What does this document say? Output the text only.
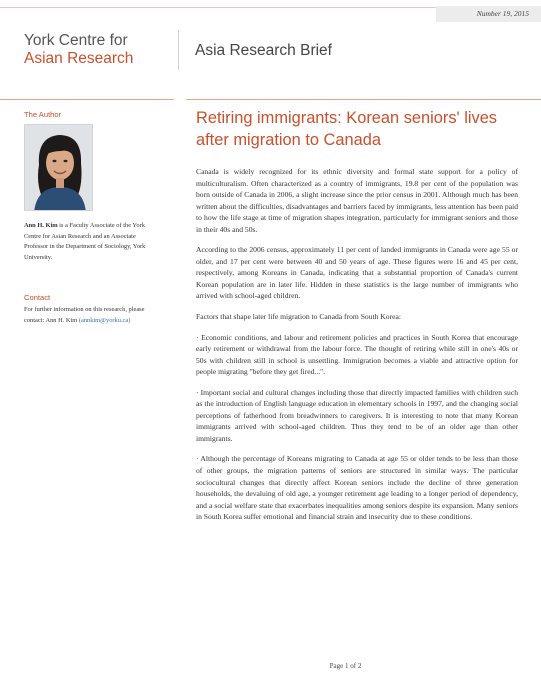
Number 19, 2015
York Centre for
Asian Research	Asia Research Brief
The Author
Ann H. Kim is a Faculty Associate of the York Centre for Asian Research and an Associate Professor in the Department of Sociology, York University.
Contact
For further information on this research, please contact: Ann H. Kim (annkim@yorku.ca)
Retiring immigrants: Korean seniors' lives after migration to Canada

Canada is widely recognized for its ethnic diversity and formal state support for a policy of multiculturalism. Often characterized as a country of immigrants, 19.8 per cent of the population was born outside of Canada in 2006, a slight increase since the prior census in 2001. Although much has been written about the difficulties, disadvantages and barriers faced by immigrants, less attention has been paid to how the life stage at time of migration shapes integration, particularly for immigrant seniors and those in their 40s and 50s.

According to the 2006 census, approximately 11 per cent of landed immigrants in Canada were age 55 or older, and 17 per cent were between 40 and 50 years of age. These figures were 16 and 45 per cent, respectively, among Koreans in Canada, indicating that a substantial proportion of Canada's current Korean population are in later life. Hidden in these statistics is the large number of immigrants who arrived with school-aged children.

Factors that shape later life migration to Canada from South Korea:

· Economic conditions, and labour and retirement policies and practices in South Korea that encourage early retirement or withdrawal from the labour force. The thought of retiring while still in one's 40s or 50s with children still in school is unsettling. Immigration becomes a viable and attractive option for people migrating "before they get fired...".

· Important social and cultural changes including those that directly impacted families with children such as the introduction of English language education in elementary schools in 1997, and the changing social perceptions of fatherhood from breadwinners to caregivers. It is interesting to note that many Korean immigrants arrived with school-aged children. Thus they tend to be of an older age than other immigrants.

· Although the percentage of Koreans migrating to Canada at age 55 or older tends to be less than those of other groups, the migration patterns of seniors are structured in similar ways. The particular sociocultural changes that directly affect Korean seniors include the decline of three generation households, the devaluing of old age, a younger retirement age leading to a longer period of dependency, and a social welfare state that exacerbates inequalities among seniors despite its expansion. Many seniors in South Korea suffer emotional and financial strain and insecurity due to these conditions.

Page 1 of 2
